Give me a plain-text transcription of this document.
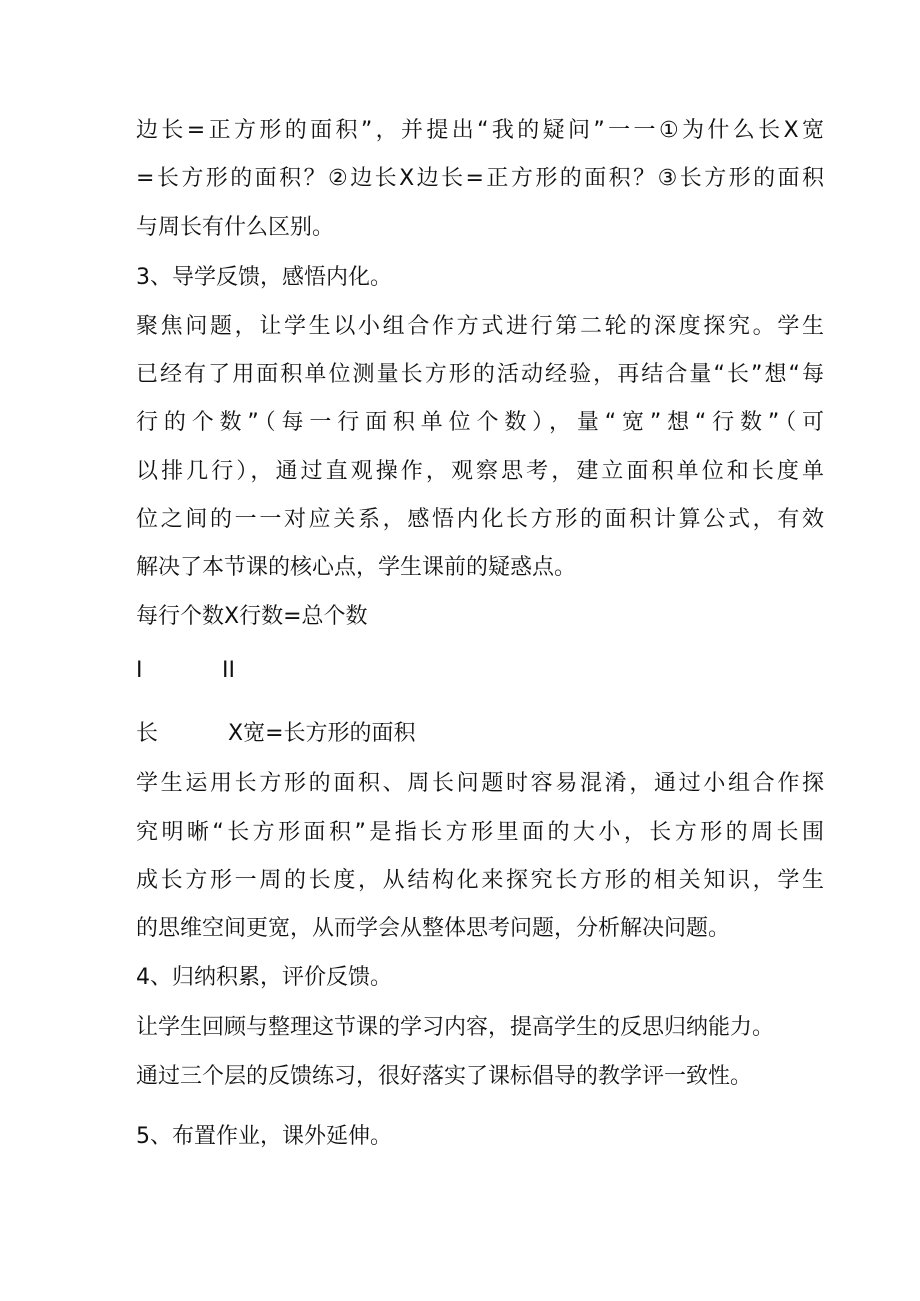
边长=正方形的面积”，并提出“我的疑问”一一①为什么长X宽
=长方形的面积？②边长X边长=正方形的面积？③长方形的面积
与周长有什么区别。
3、导学反馈，感悟内化。
聚焦问题，让学生以小组合作方式进行第二轮的深度探究。学生
已经有了用面积单位测量长方形的活动经验，再结合量“长”想“每
行的个数”（每一行面积单位个数），量“宽”想“行数”（可
以排几行），通过直观操作，观察思考，建立面积单位和长度单
位之间的一一对应关系，感悟内化长方形的面积计算公式，有效
解决了本节课的核心点，学生课前的疑惑点。
每行个数X行数=总个数
I	II
长	X宽=长方形的面积
学生运用长方形的面积、周长问题时容易混淆，通过小组合作探
究明晰“长方形面积”是指长方形里面的大小，长方形的周长围
成长方形一周的长度，从结构化来探究长方形的相关知识，学生
的思维空间更宽，从而学会从整体思考问题，分析解决问题。
4、归纳积累，评价反馈。
让学生回顾与整理这节课的学习内容，提高学生的反思归纳能力。
通过三个层的反馈练习，很好落实了课标倡导的教学评一致性。
5、布置作业，课外延伸。
